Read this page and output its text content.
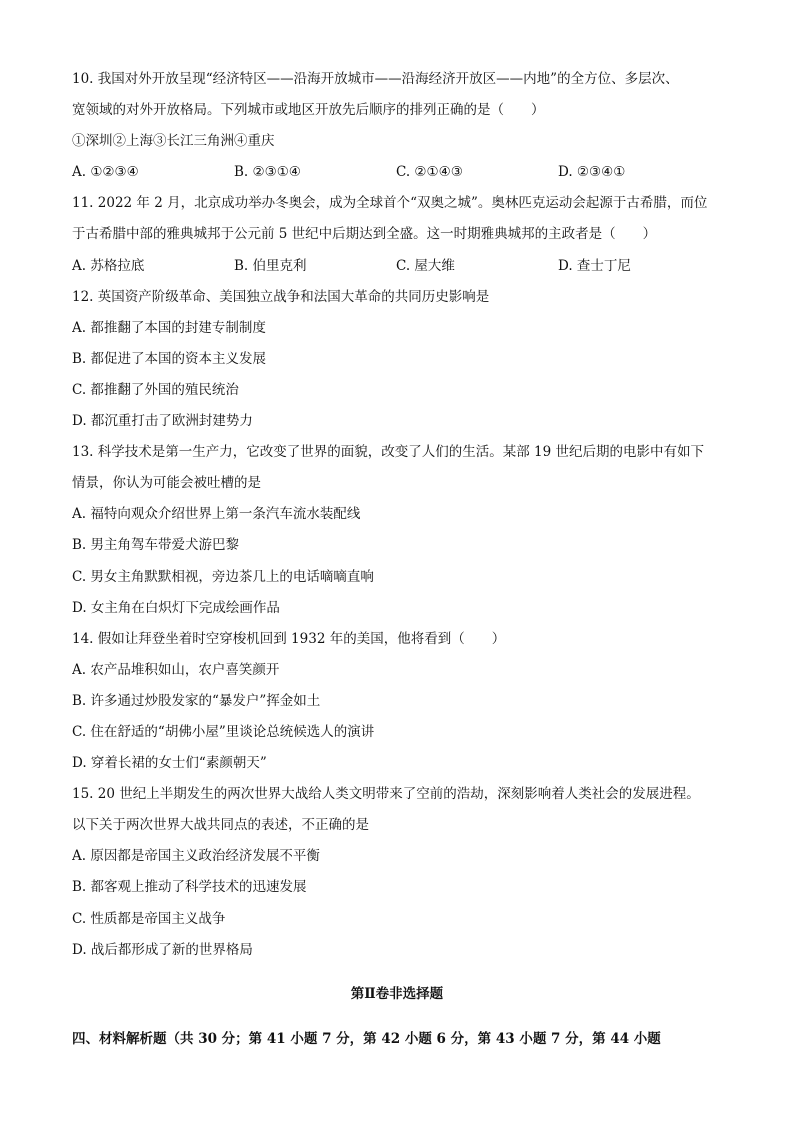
10. 我国对外开放呈现“经济特区——沿海开放城市——沿海经济开放区——内地”的全方位、多层次、

宽领域的对外开放格局。下列城市或地区开放先后顺序的排列正确的是（　　）

①深圳②上海③长江三角洲④重庆

A. ①②③④	B. ②③①④	C. ②①④③	D. ②③④①

11. 2022 年 2 月，北京成功举办冬奥会，成为全球首个“双奥之城”。奥林匹克运动会起源于古希腊，而位

于古希腊中部的雅典城邦于公元前 5 世纪中后期达到全盛。这一时期雅典城邦的主政者是（　　）

A. 苏格拉底	B. 伯里克利	C. 屋大维	D. 查士丁尼

12. 英国资产阶级革命、美国独立战争和法国大革命的共同历史影响是

A. 都推翻了本国的封建专制制度

B. 都促进了本国的资本主义发展

C. 都推翻了外国的殖民统治

D. 都沉重打击了欧洲封建势力

13. 科学技术是第一生产力，它改变了世界的面貌，改变了人们的生活。某部 19 世纪后期的电影中有如下

情景，你认为可能会被吐槽的是

A. 福特向观众介绍世界上第一条汽车流水装配线

B. 男主角驾车带爱犬游巴黎

C. 男女主角默默相视，旁边茶几上的电话嘀嘀直响

D. 女主角在白炽灯下完成绘画作品

14. 假如让拜登坐着时空穿梭机回到 1932 年的美国，他将看到（　　）

A. 农产品堆积如山，农户喜笑颜开

B. 许多通过炒股发家的“暴发户”挥金如土

C. 住在舒适的“胡佛小屋”里谈论总统候选人的演讲

D. 穿着长裙的女士们“素颜朝天”

15. 20 世纪上半期发生的两次世界大战给人类文明带来了空前的浩劫，深刻影响着人类社会的发展进程。

以下关于两次世界大战共同点的表述，不正确的是

A. 原因都是帝国主义政治经济发展不平衡

B. 都客观上推动了科学技术的迅速发展

C. 性质都是帝国主义战争

D. 战后都形成了新的世界格局

第Ⅱ卷非选择题

四、材料解析题（共 30 分；第 41 小题 7 分，第 42 小题 6 分，第 43 小题 7 分，第 44 小题
